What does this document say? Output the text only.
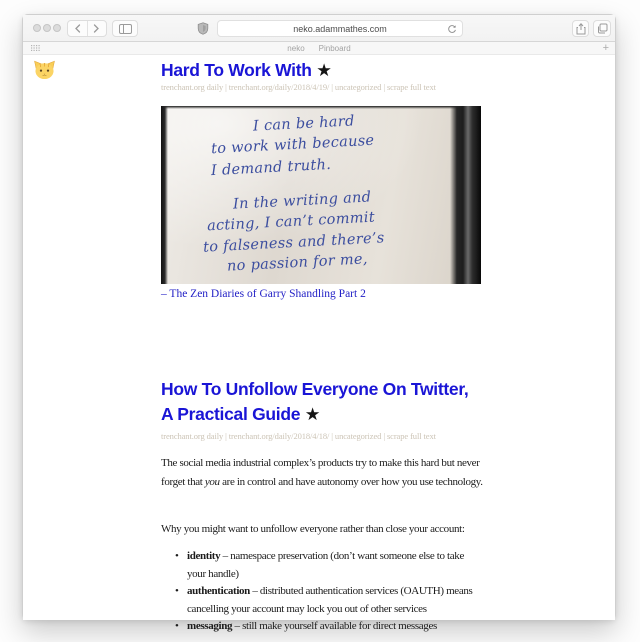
neko.adammathes.com
neko Pinboard	+
Hard To Work With ★
trenchant.org daily | trenchant.org/daily/2018/4/19/ | uncategorized | scrape full text
I can be hard
to work with because
I demand truth.
In the writing and
acting, I can’t commit
to falseness and there’s
no passion for me,
– The Zen Diaries of Garry Shandling Part 2
How To Unfollow Everyone On Twitter,
A Practical Guide ★
trenchant.org daily | trenchant.org/daily/2018/4/18/ | uncategorized | scrape full text

The social media industrial complex’s products try to make this hard but never forget that you are in control and have autonomy over how you use technology.

Why you might want to unfollow everyone rather than close your account:

• identity – namespace preservation (don’t want someone else to take your handle)
• authentication – distributed authentication services (OAUTH) means cancelling your account may lock you out of other services
• messaging – still make yourself available for direct messages
